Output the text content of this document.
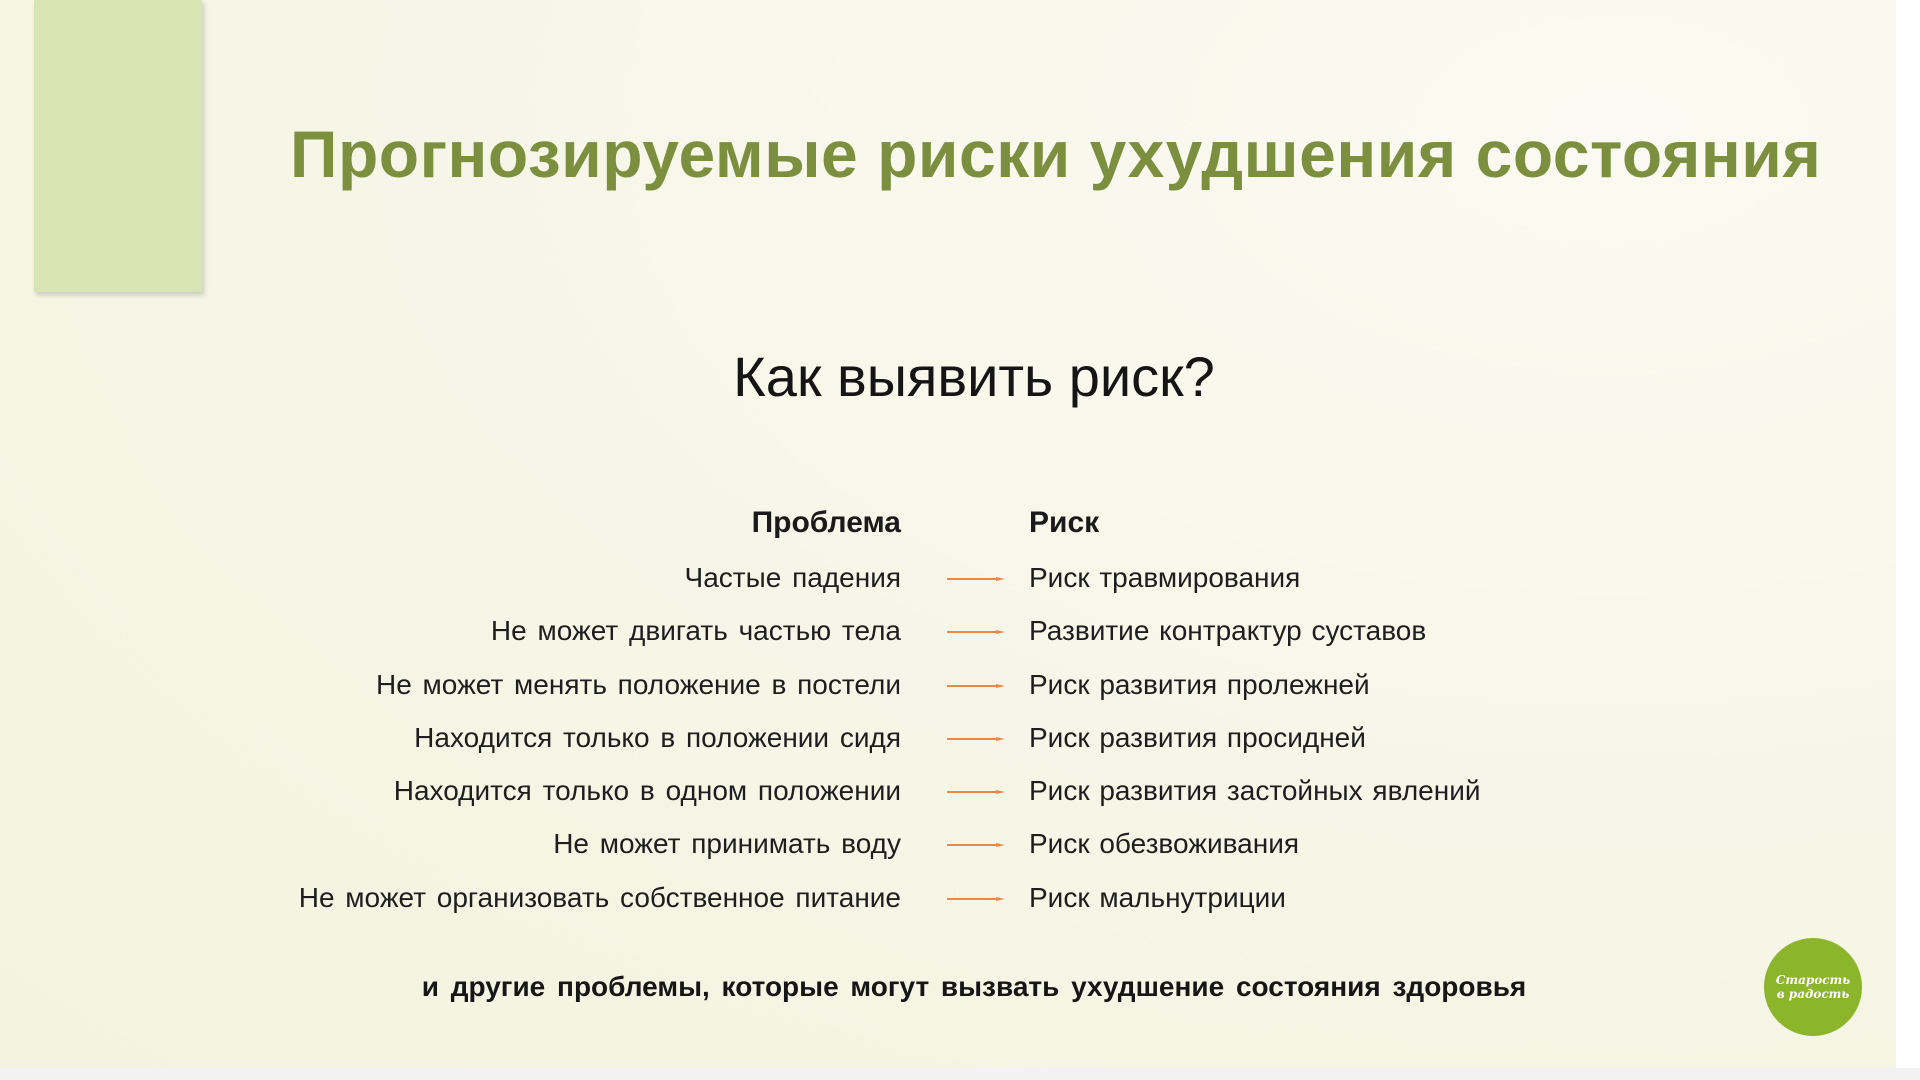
Прогнозируемые риски ухудшения состояния
Как выявить риск?
Проблема	Риск
Частые падения	Риск травмирования
Не может двигать частью тела	Развитие контрактур суставов
Не может менять положение в постели	Риск развития пролежней
Находится только в положении сидя	Риск развития просидней
Находится только в одном положении	Риск развития застойных явлений
Не может принимать воду	Риск обезвоживания
Не может организовать собственное питание	Риск мальнутриции
и другие проблемы, которые могут вызвать ухудшение состояния здоровья	Старость
в радость
